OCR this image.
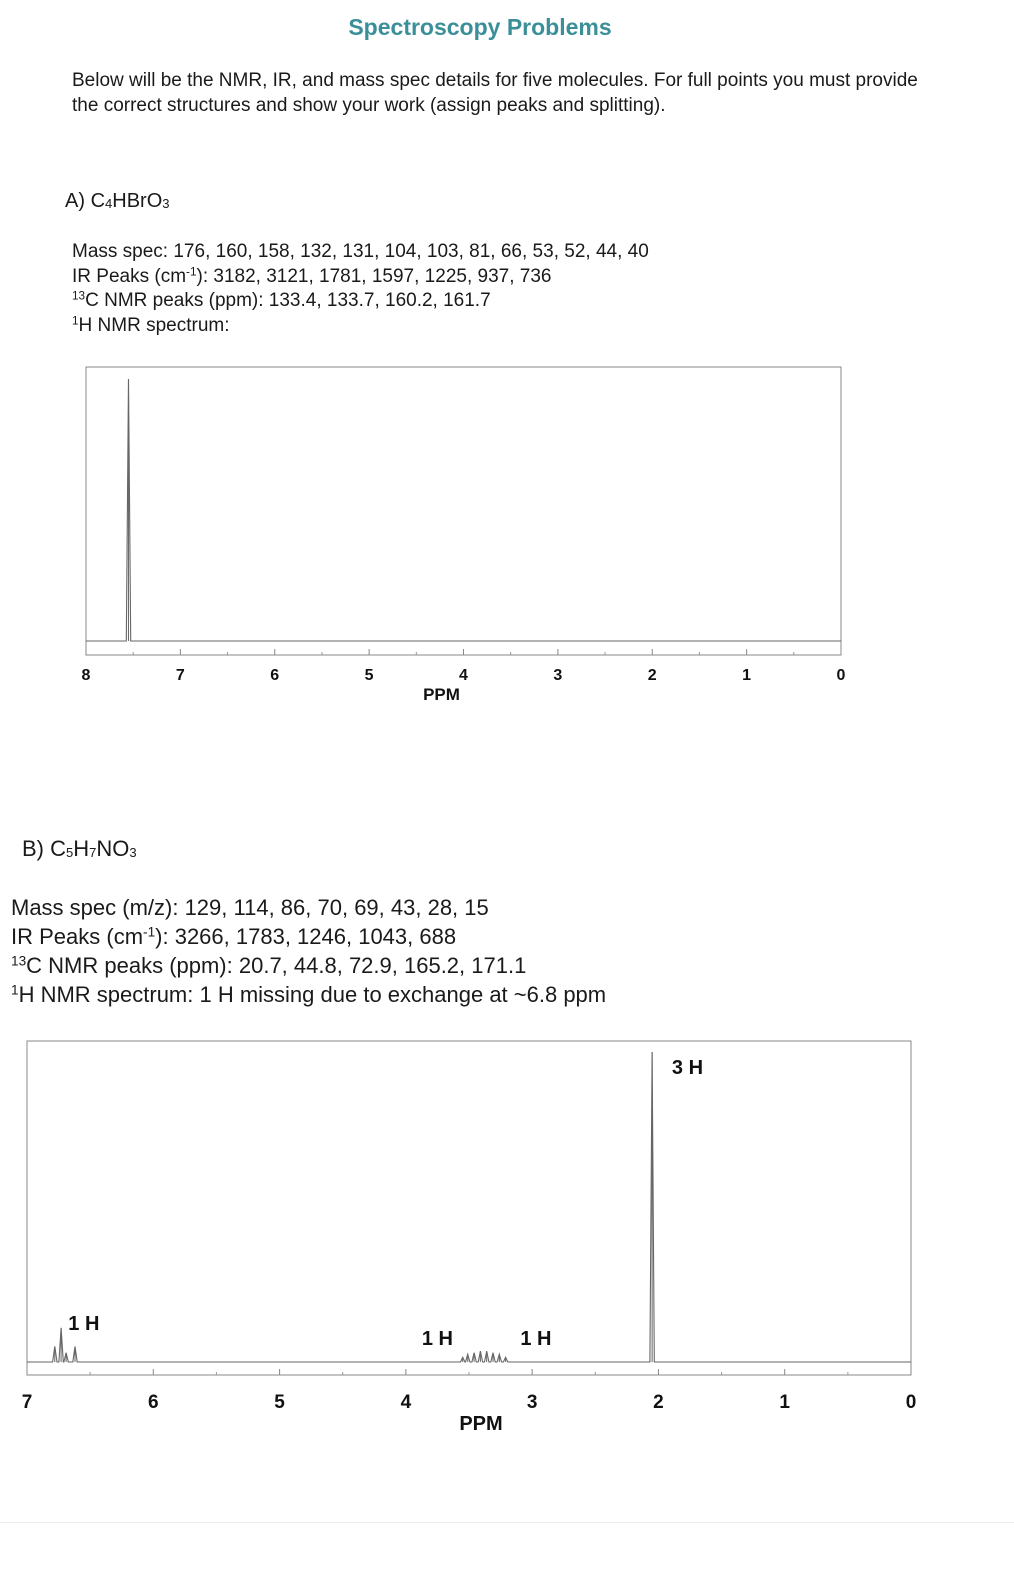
Spectroscopy Problems
Below will be the NMR, IR, and mass spec details for five molecules. For full points you must provide the correct structures and show your work (assign peaks and splitting).
A) $C_4HBrO_3$
Mass spec: 176, 160, 158, 132, 131, 104, 103, 81, 66, 53, 52, 44, 40
IR Peaks $(cm^{-1})$: 3182, 3121, 1781, 1597, 1225, 937, 736
$^{13}$C NMR peaks (ppm): 133.4, 133.7, 160.2, 161.7
$^1$H NMR spectrum:
B) $C_5H_7NO_3$
Mass spec (m/z): 129, 114, 86, 70, 69, 43, 28, 15
IR Peaks $(cm^{-1})$: 3266, 1783, 1246, 1043, 688
$^{13}$C NMR peaks (ppm): 20.7, 44.8, 72.9, 165.2, 171.1
$^1$H NMR spectrum: 1 H missing due to exchange at ~6.8 ppm
8	7	6	5	4	3	2	1	0
PPM
7	6	5	4	3	2	1	0
PPM
1 H
1 H	1 H
3 H
